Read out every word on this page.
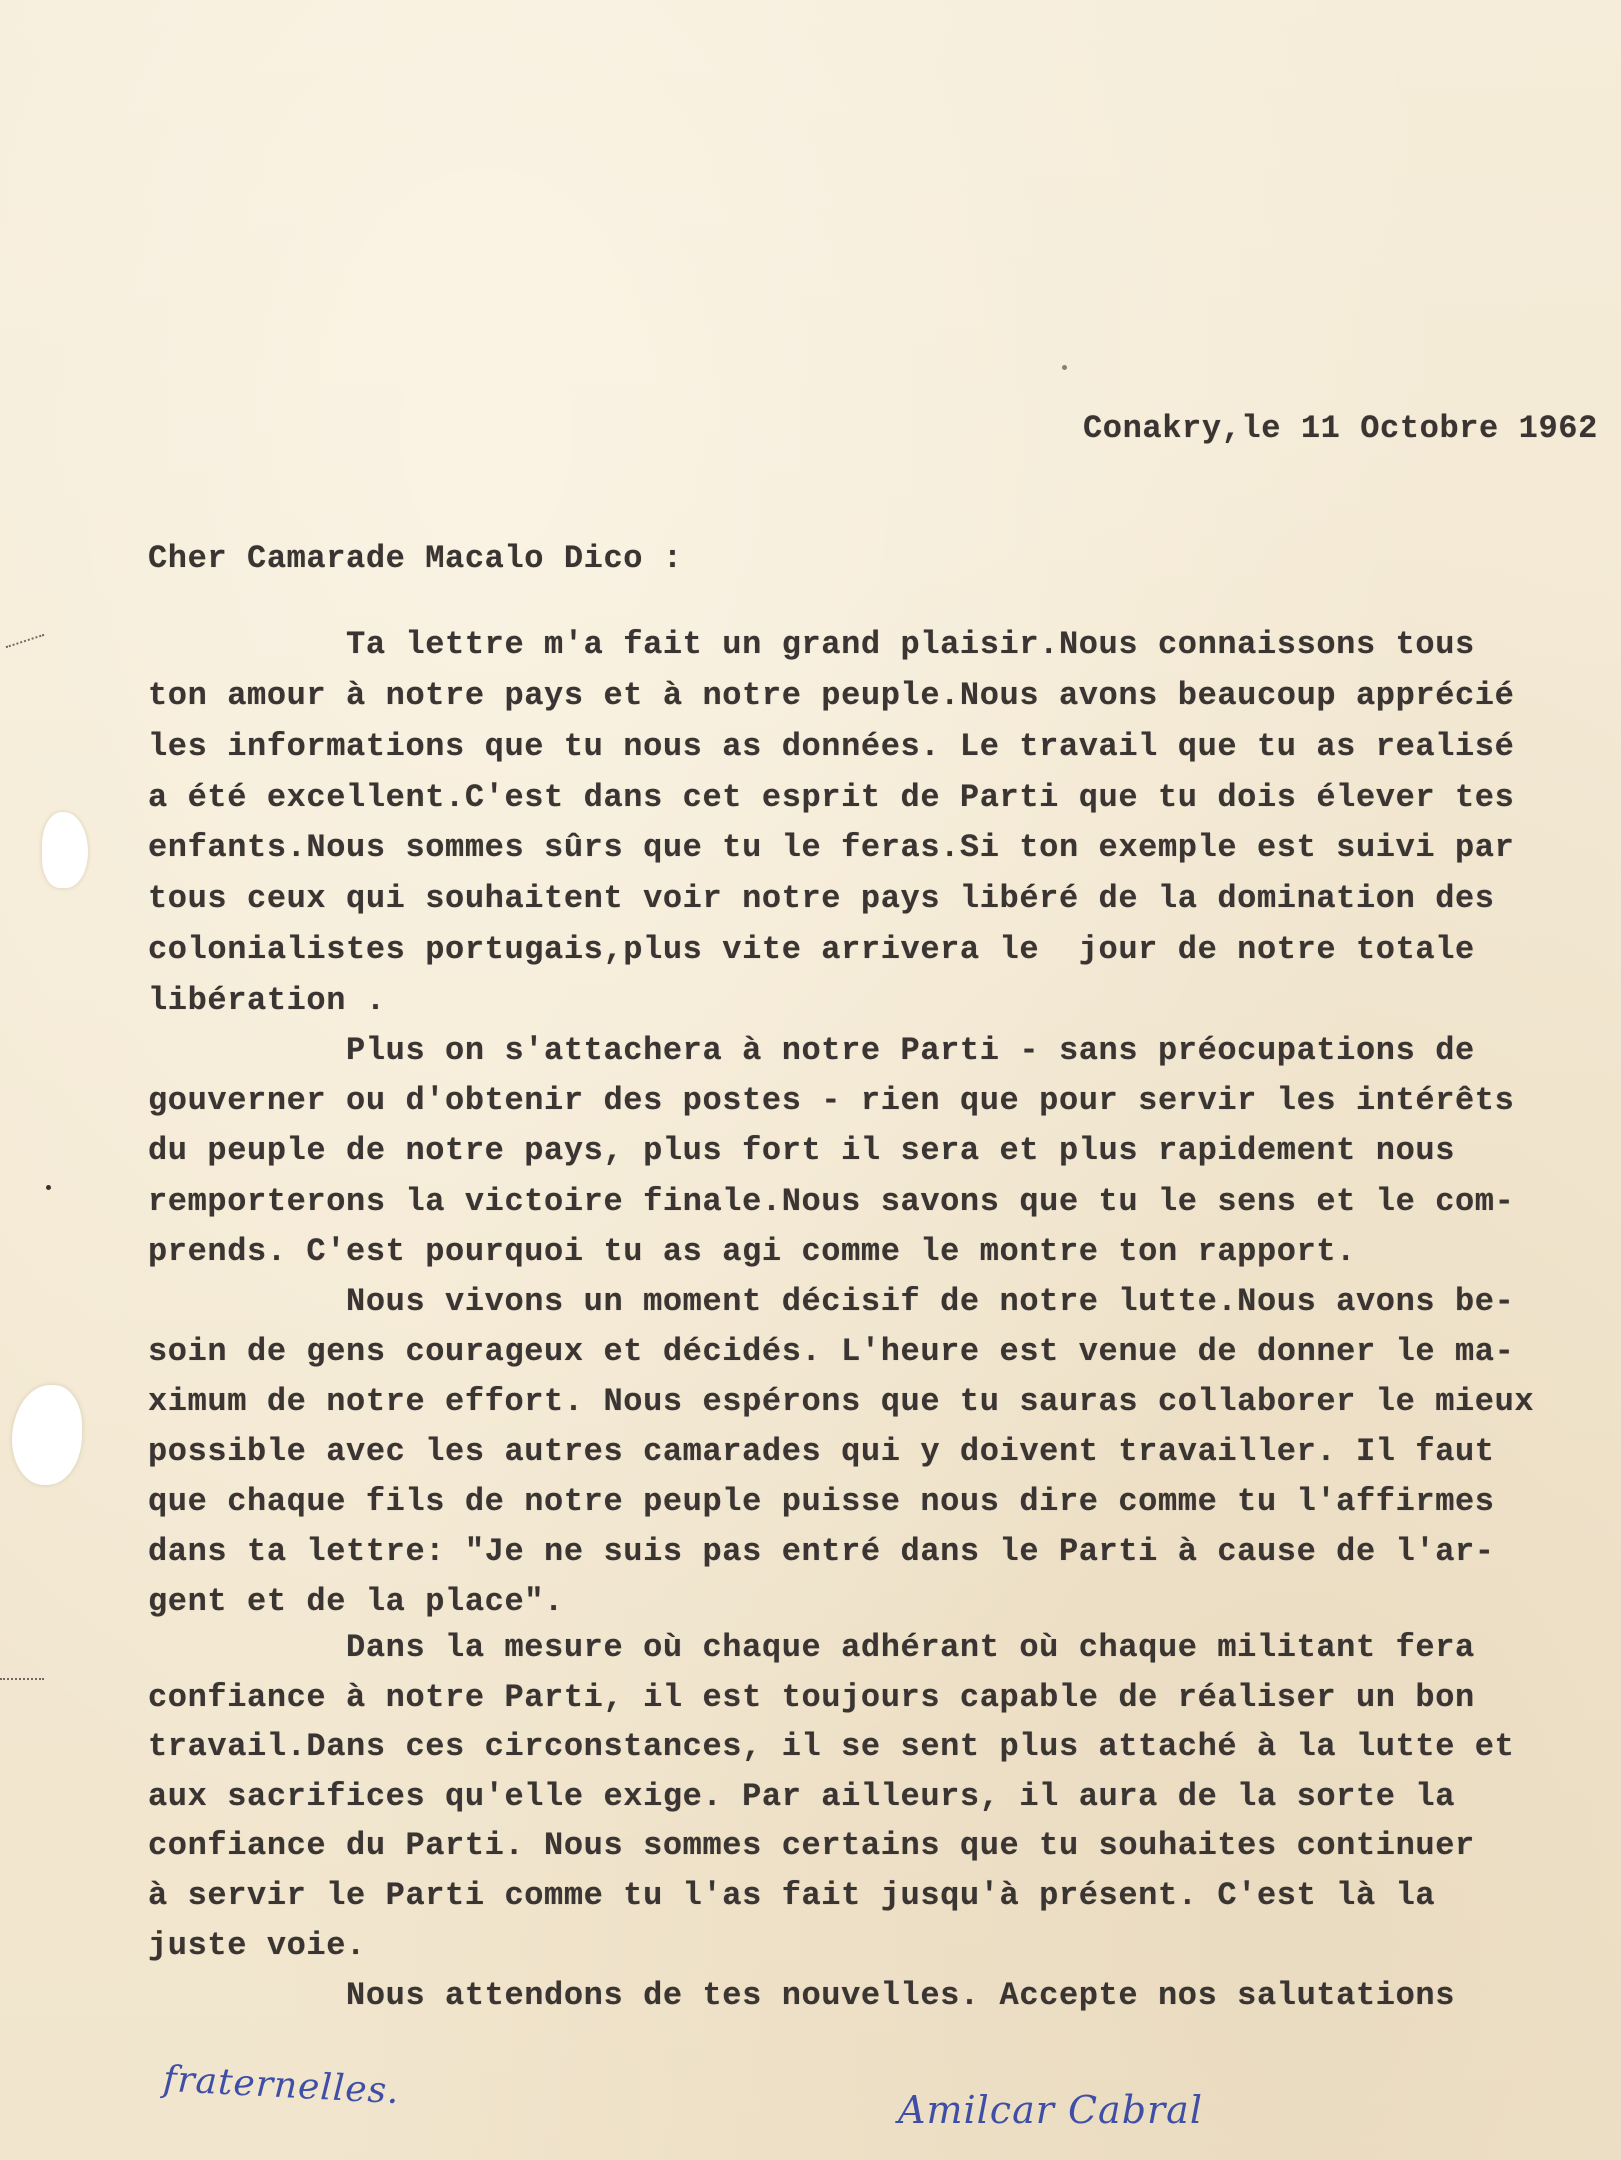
Conakry,le 11 Octobre 1962
Cher Camarade Macalo Dico :
Ta lettre m'a fait un grand plaisir.Nous connaissons tous
ton amour à notre pays et à notre peuple.Nous avons beaucoup apprécié
les informations que tu nous as données. Le travail que tu as realisé
a été excellent.C'est dans cet esprit de Parti que tu dois élever tes
enfants.Nous sommes sûrs que tu le feras.Si ton exemple est suivi par
tous ceux qui souhaitent voir notre pays libéré de la domination des
colonialistes portugais,plus vite arrivera le  jour de notre totale
libération .
Plus on s'attachera à notre Parti - sans préocupations de
gouverner ou d'obtenir des postes - rien que pour servir les intérêts
du peuple de notre pays, plus fort il sera et plus rapidement nous
remporterons la victoire finale.Nous savons que tu le sens et le com-
prends. C'est pourquoi tu as agi comme le montre ton rapport.
Nous vivons un moment décisif de notre lutte.Nous avons be-
soin de gens courageux et décidés. L'heure est venue de donner le ma-
ximum de notre effort. Nous espérons que tu sauras collaborer le mieux
possible avec les autres camarades qui y doivent travailler. Il faut
que chaque fils de notre peuple puisse nous dire comme tu l'affirmes
dans ta lettre: "Je ne suis pas entré dans le Parti à cause de l'ar-
gent et de la place".
Dans la mesure où chaque adhérant où chaque militant fera
confiance à notre Parti, il est toujours capable de réaliser un bon
travail.Dans ces circonstances, il se sent plus attaché à la lutte et
aux sacrifices qu'elle exige. Par ailleurs, il aura de la sorte la
confiance du Parti. Nous sommes certains que tu souhaites continuer
à servir le Parti comme tu l'as fait jusqu'à présent. C'est là la
juste voie.
Nous attendons de tes nouvelles. Accepte nos salutations
fraternelles.	Amilcar Cabral
